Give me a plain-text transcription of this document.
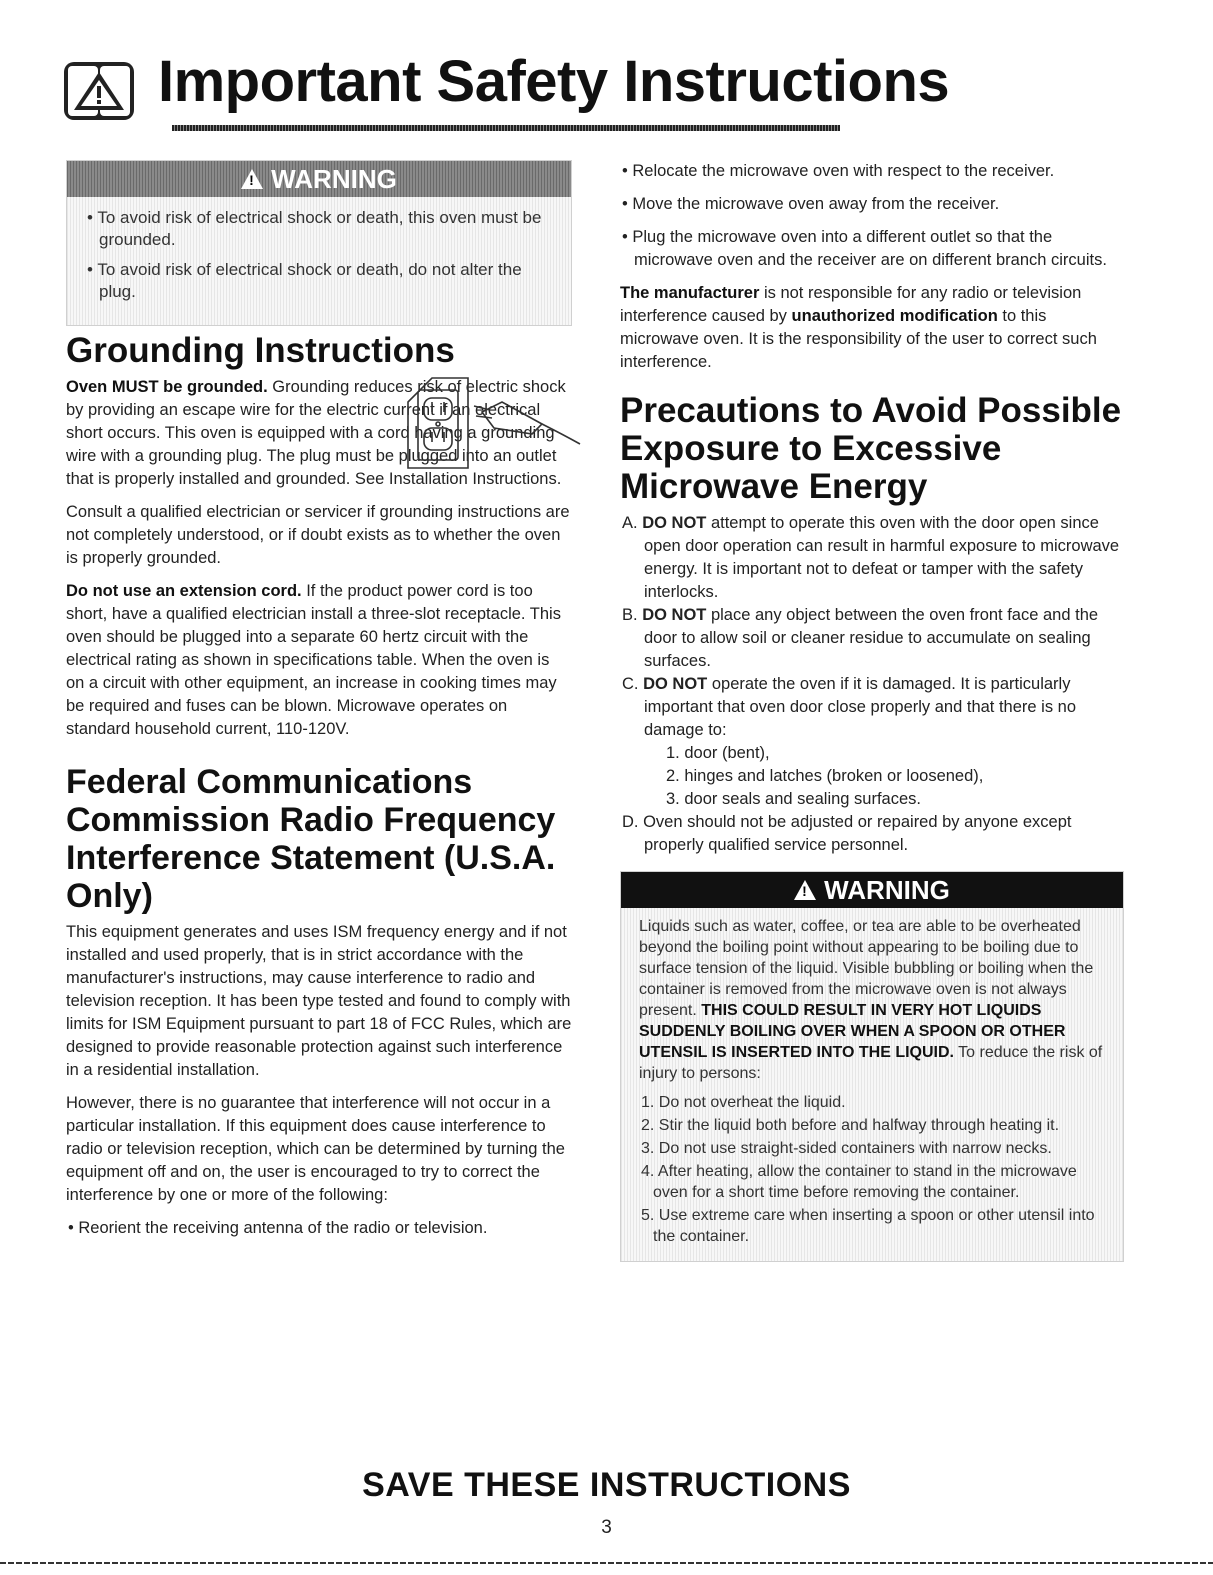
Important Safety Instructions
!
WARNING

• To avoid risk of electrical shock or death, this oven must be grounded.

• To avoid risk of electrical shock or death, do not alter the plug.

Grounding Instructions

Oven MUST be grounded. Grounding reduces risk of electric shock by providing an escape wire for the electric current if an electrical short occurs. This oven is equipped with a cord having a grounding wire with a grounding plug. The plug must be plugged into an outlet that is properly installed and grounded. See Installation Instructions.

Consult a qualified electrician or servicer if grounding instructions are not completely understood, or if doubt exists as to whether the oven is properly grounded.

Do not use an extension cord. If the product power cord is too short, have a qualified electrician install a three-slot receptacle. This oven should be plugged into a separate 60 hertz circuit with the electrical rating as shown in specifications table. When the oven is on a circuit with other equipment, an increase in cooking times may be required and fuses can be blown. Microwave operates on standard household current, 110-120V.

Federal Communications Commission Radio Frequency Interference Statement (U.S.A. Only)

This equipment generates and uses ISM frequency energy and if not installed and used properly, that is in strict accordance with the manufacturer's instructions, may cause interference to radio and television reception. It has been type tested and found to comply with limits for ISM Equipment pursuant to part 18 of FCC Rules, which are designed to provide reasonable protection against such interference in a residential installation.

However, there is no guarantee that interference will not occur in a particular installation. If this equipment does cause interference to radio or television reception, which can be determined by turning the equipment off and on, the user is encouraged to try to correct the interference by one or more of the following:

• Reorient the receiving antenna of the radio or television.

• Relocate the microwave oven with respect to the receiver.

• Move the microwave oven away from the receiver.

• Plug the microwave oven into a different outlet so that the microwave oven and the receiver are on different branch circuits.

The manufacturer is not responsible for any radio or television interference caused by unauthorized modification to this microwave oven. It is the responsibility of the user to correct such interference.

Precautions to Avoid Possible Exposure to Excessive Microwave Energy

A. DO NOT attempt to operate this oven with the door open since open door operation can result in harmful exposure to microwave energy. It is important not to defeat or tamper with the safety interlocks.

B. DO NOT place any object between the oven front face and the door to allow soil or cleaner residue to accumulate on sealing surfaces.

C. DO NOT operate the oven if it is damaged. It is particularly important that oven door close properly and that there is no damage to:

1. door (bent),

2. hinges and latches (broken or loosened),

3. door seals and sealing surfaces.

D. Oven should not be adjusted or repaired by anyone except properly qualified service personnel.

!
WARNING

Liquids such as water, coffee, or tea are able to be overheated beyond the boiling point without appearing to be boiling due to surface tension of the liquid. Visible bubbling or boiling when the container is removed from the microwave oven is not always present. THIS COULD RESULT IN VERY HOT LIQUIDS SUDDENLY BOILING OVER WHEN A SPOON OR OTHER UTENSIL IS INSERTED INTO THE LIQUID. To reduce the risk of injury to persons:

1. Do not overheat the liquid.

2. Stir the liquid both before and halfway through heating it.

3. Do not use straight-sided containers with narrow necks.

4. After heating, allow the container to stand in the microwave oven for a short time before removing the container.

5. Use extreme care when inserting a spoon or other utensil into the container.

SAVE THESE INSTRUCTIONS
3
